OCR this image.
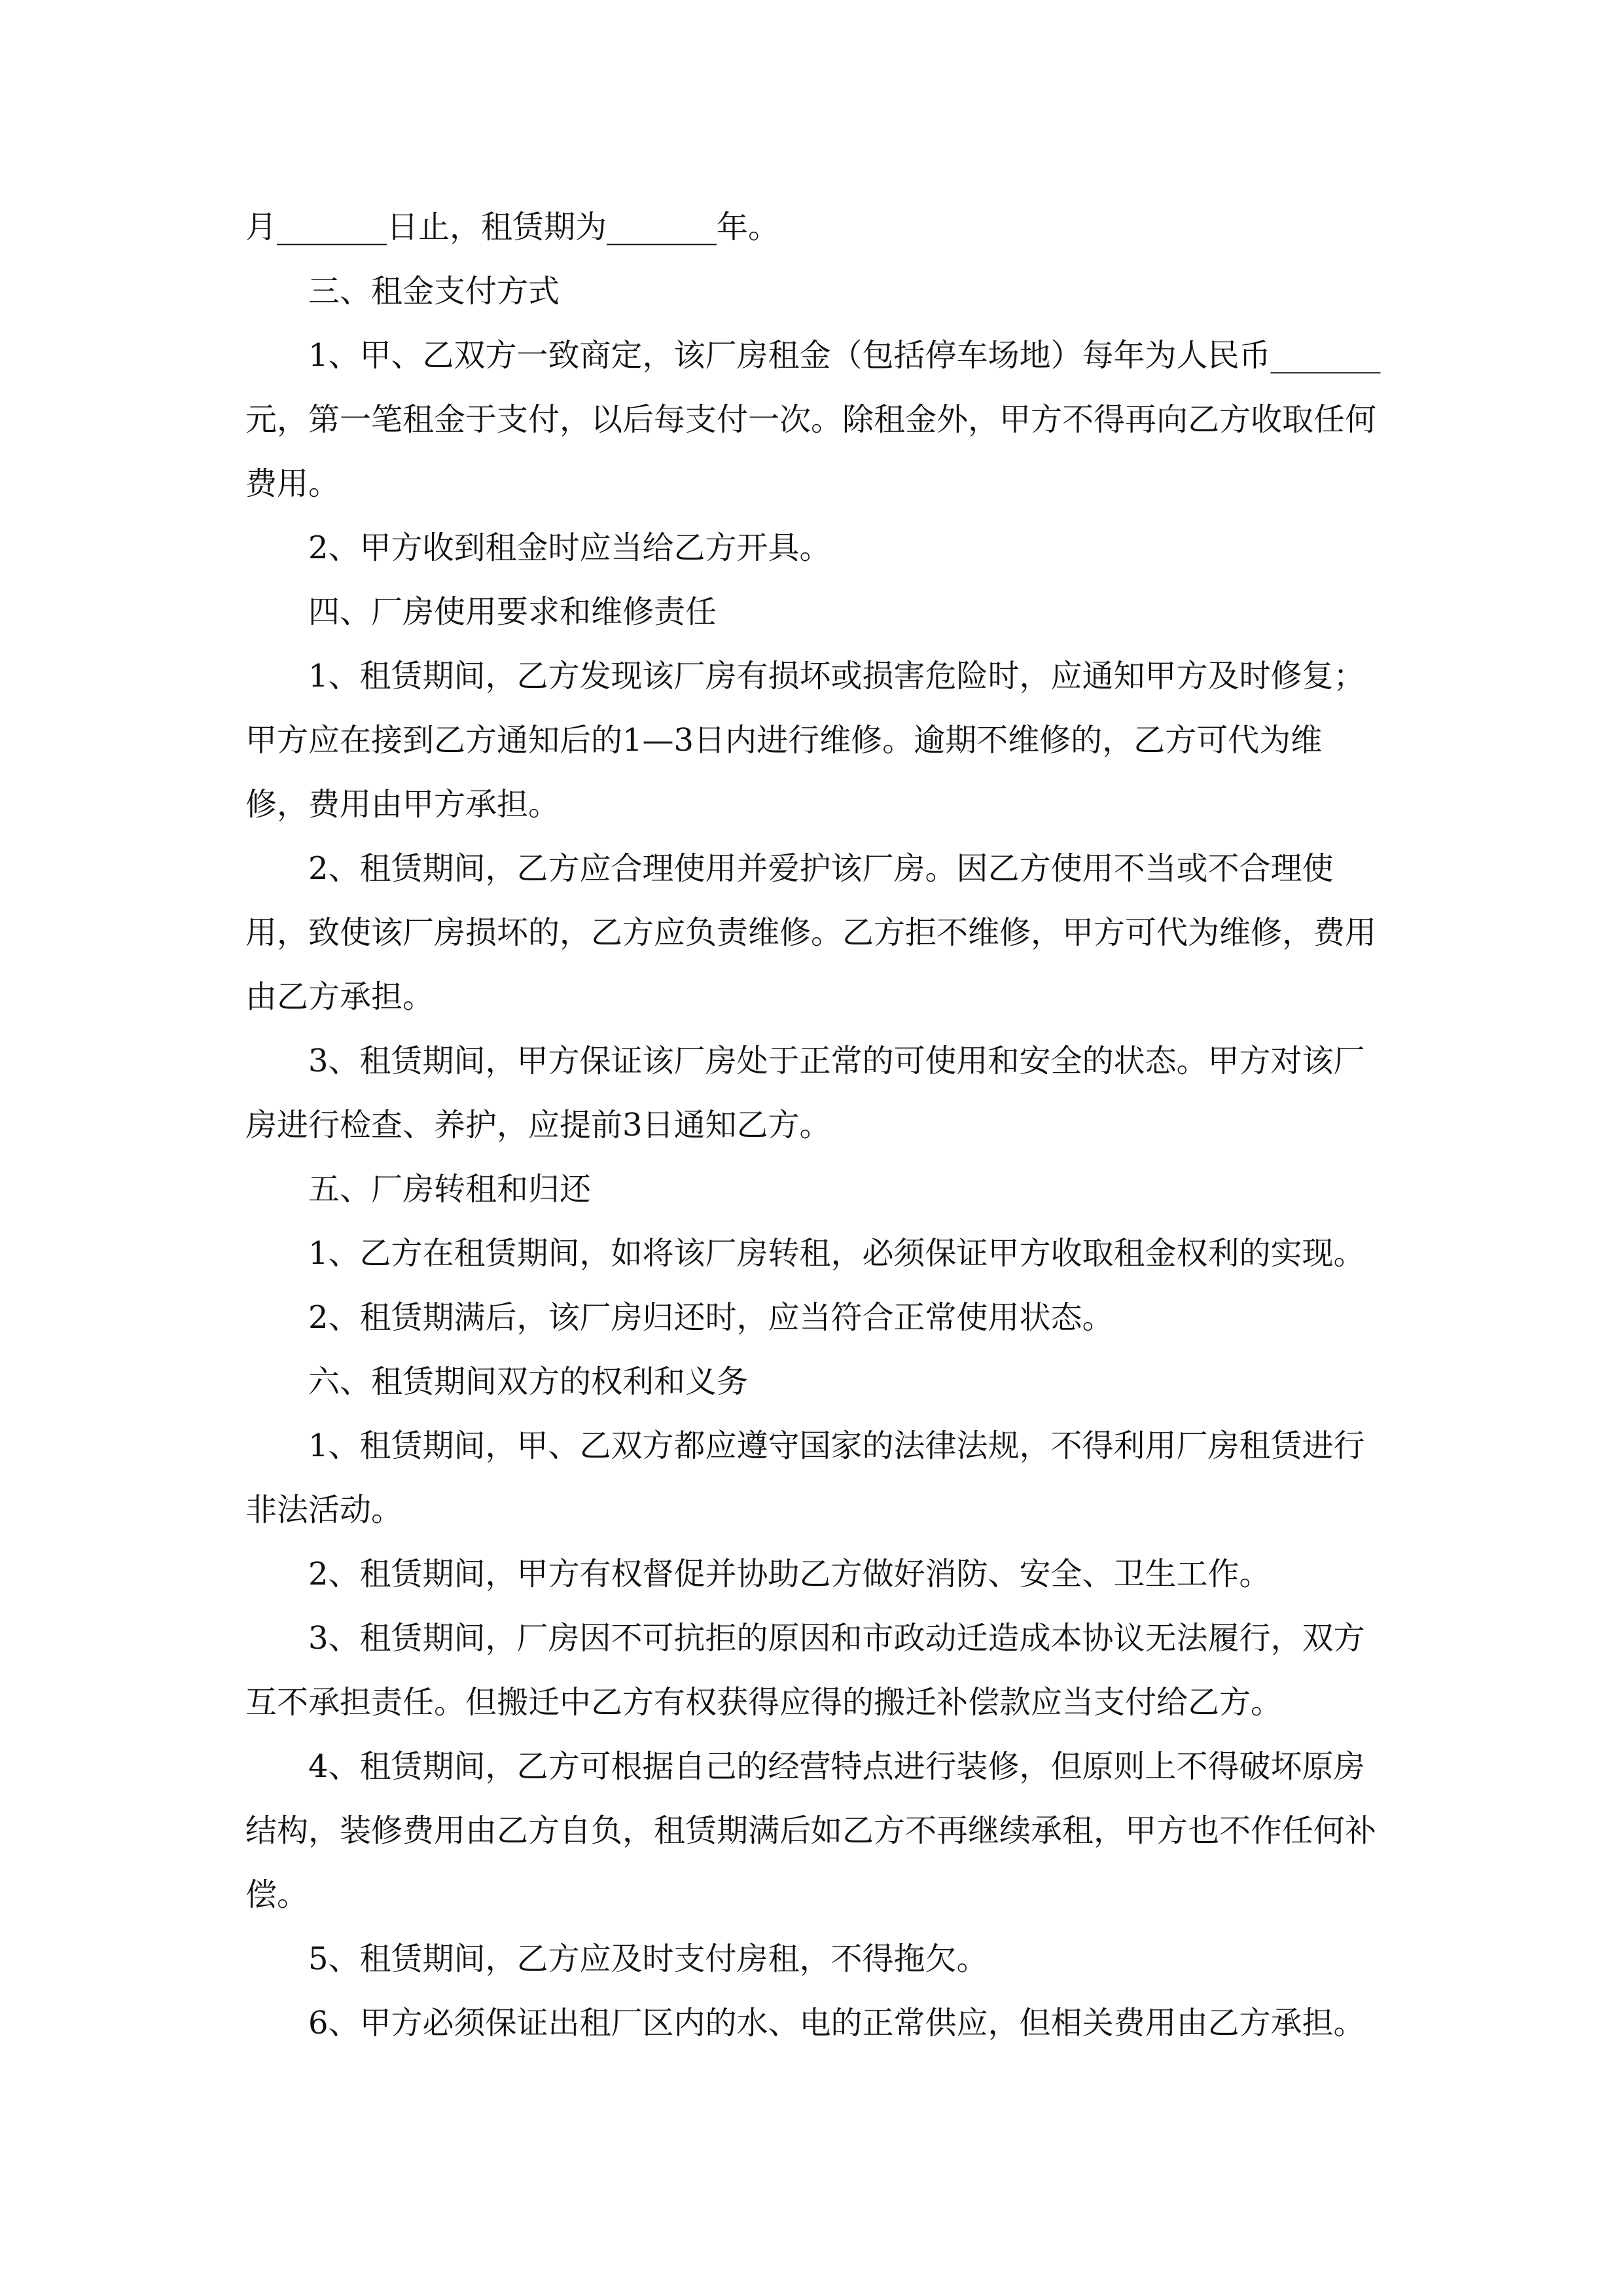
月_______日止，租赁期为_______年。

三、租金支付方式

1、甲、乙双方一致商定，该厂房租金（包括停车场地）每年为人民币_______元，第一笔租金于支付，以后每支付一次。除租金外，甲方不得再向乙方收取任何费用。

2、甲方收到租金时应当给乙方开具。

四、厂房使用要求和维修责任

1、租赁期间，乙方发现该厂房有损坏或损害危险时，应通知甲方及时修复；甲方应在接到乙方通知后的1—3日内进行维修。逾期不维修的，乙方可代为维修，费用由甲方承担。

2、租赁期间，乙方应合理使用并爱护该厂房。因乙方使用不当或不合理使用，致使该厂房损坏的，乙方应负责维修。乙方拒不维修，甲方可代为维修，费用由乙方承担。

3、租赁期间，甲方保证该厂房处于正常的可使用和安全的状态。甲方对该厂房进行检查、养护，应提前3日通知乙方。

五、厂房转租和归还

1、乙方在租赁期间，如将该厂房转租，必须保证甲方收取租金权利的实现。

2、租赁期满后，该厂房归还时，应当符合正常使用状态。

六、租赁期间双方的权利和义务

1、租赁期间，甲、乙双方都应遵守国家的法律法规，不得利用厂房租赁进行非法活动。

2、租赁期间，甲方有权督促并协助乙方做好消防、安全、卫生工作。

3、租赁期间，厂房因不可抗拒的原因和市政动迁造成本协议无法履行，双方互不承担责任。但搬迁中乙方有权获得应得的搬迁补偿款应当支付给乙方。

4、租赁期间，乙方可根据自己的经营特点进行装修，但原则上不得破坏原房结构，装修费用由乙方自负，租赁期满后如乙方不再继续承租，甲方也不作任何补偿。

5、租赁期间，乙方应及时支付房租，不得拖欠。

6、甲方必须保证出租厂区内的水、电的正常供应，但相关费用由乙方承担。
